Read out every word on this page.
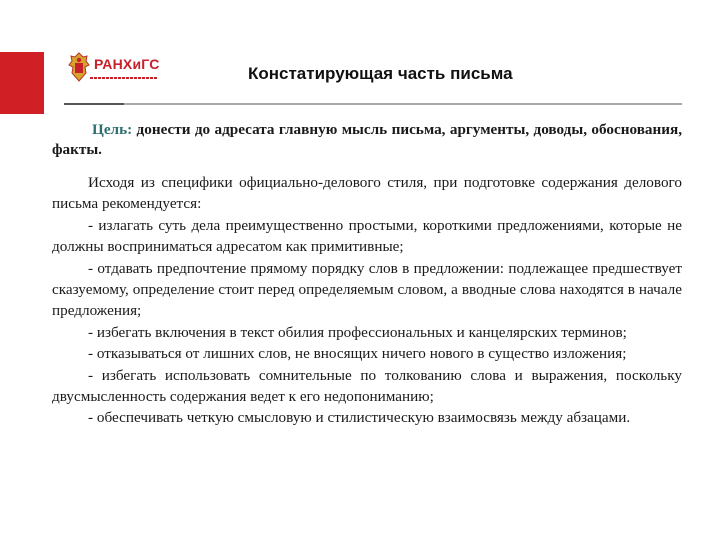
РАНХиГС
Констатирующая часть письма

Цель: донести до адресата главную мысль письма, аргументы, доводы, обоснования, факты.

Исходя из специфики официально-делового стиля, при подготовке содержания делового письма рекомендуется:

- излагать суть дела преимущественно простыми, короткими предложениями, которые не должны восприниматься адресатом как примитивные;

- отдавать предпочтение прямому порядку слов в предложении: подлежащее предшествует сказуемому, определение стоит перед определяемым словом, а вводные слова находятся в начале предложения;

- избегать включения в текст обилия профессиональных и канцелярских терминов;

- отказываться от лишних слов, не вносящих ничего нового в существо изложения;

- избегать использовать сомнительные по толкованию слова и выражения, поскольку двусмысленность содержания ведет к его недопониманию;

- обеспечивать четкую смысловую и стилистическую взаимосвязь между абзацами.
